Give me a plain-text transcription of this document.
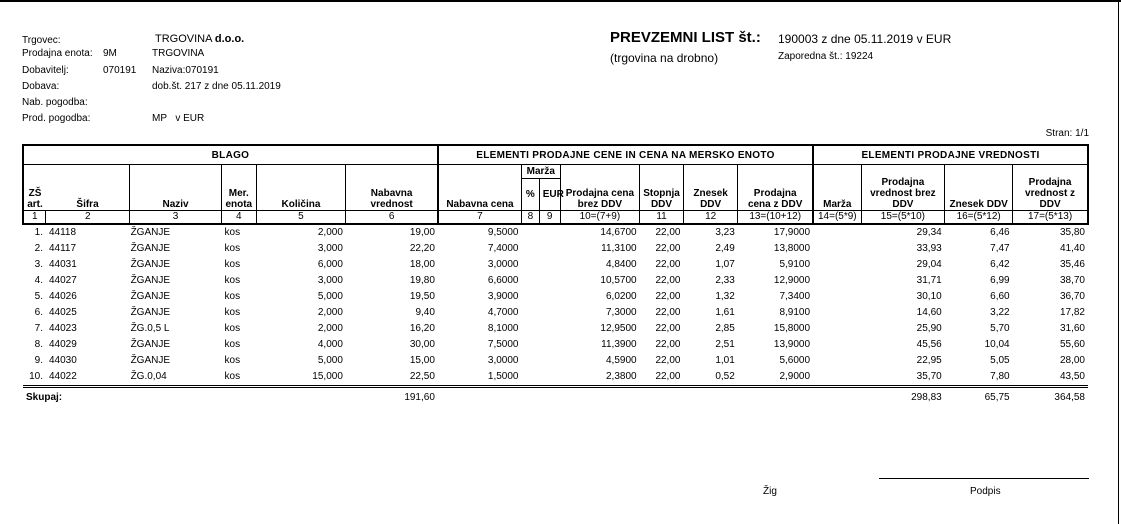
Trgovec:	TRGOVINA d.o.o.
Prodajna enota: 9M	TRGOVINA
Dobavitelj:	070191 Naziva:070191
Dobava:	dob.št. 217 z dne 05.11.2019
Nab. pogodba:
Prod. pogodba:	MP v EUR
PREVZEMNI LIST št.: 190003 z dne 05.11.2019 v EUR
(trgovina na drobno)	Zaporedna št.: 19224
Stran: 1/1
BLAGO						ELEMENTI PRODAJNE CENE IN CENA NA MERSKO ENOTO							ELEMENTI PRODAJNE VREDNOSTI			
ZŠ art.	Šifra	Naziv	Mer. enota	Količina	Nabavna vrednost	Nabavna cena	Marža		Prodajna cena brez DDV	Stopnja DDV	Znesek DDV	Prodajna cena z DDV	Marža	Prodajna vrednost brez DDV	Znesek DDV	Prodajna vrednost z DDV
							%	EUR								
1	2	3	4	5	6	7	8	9	10=(7+9)	11	12	13=(10+12)	14=(5*9)	15=(5*10)	16=(5*12)	17=(5*13)
1.	44118	ŽGANJE	kos	2,000	19,00	9,5000			14,6700	22,00	3,23	17,9000		29,34	6,46	35,80
2.	44117	ŽGANJE	kos	3,000	22,20	7,4000			11,3100	22,00	2,49	13,8000		33,93	7,47	41,40
3.	44031	ŽGANJE	kos	6,000	18,00	3,0000			4,8400	22,00	1,07	5,9100		29,04	6,42	35,46
4.	44027	ŽGANJE	kos	3,000	19,80	6,6000			10,5700	22,00	2,33	12,9000		31,71	6,99	38,70
5.	44026	ŽGANJE	kos	5,000	19,50	3,9000			6,0200	22,00	1,32	7,3400		30,10	6,60	36,70
6.	44025	ŽGANJE	kos	2,000	9,40	4,7000			7,3000	22,00	1,61	8,9100		14,60	3,22	17,82
7.	44023	ŽG.0,5 L	kos	2,000	16,20	8,1000			12,9500	22,00	2,85	15,8000		25,90	5,70	31,60
8.	44029	ŽGANJE	kos	4,000	30,00	7,5000			11,3900	22,00	2,51	13,9000		45,56	10,04	55,60
9.	44030	ŽGANJE	kos	5,000	15,00	3,0000			4,5900	22,00	1,01	5,6000		22,95	5,05	28,00
10.	44022	ŽG.0,04	kos	15,000	22,50	1,5000			2,3800	22,00	0,52	2,9000		35,70	7,80	43,50
Skupaj:					191,60									298,83	65,75	364,58
Žig	Podpis
